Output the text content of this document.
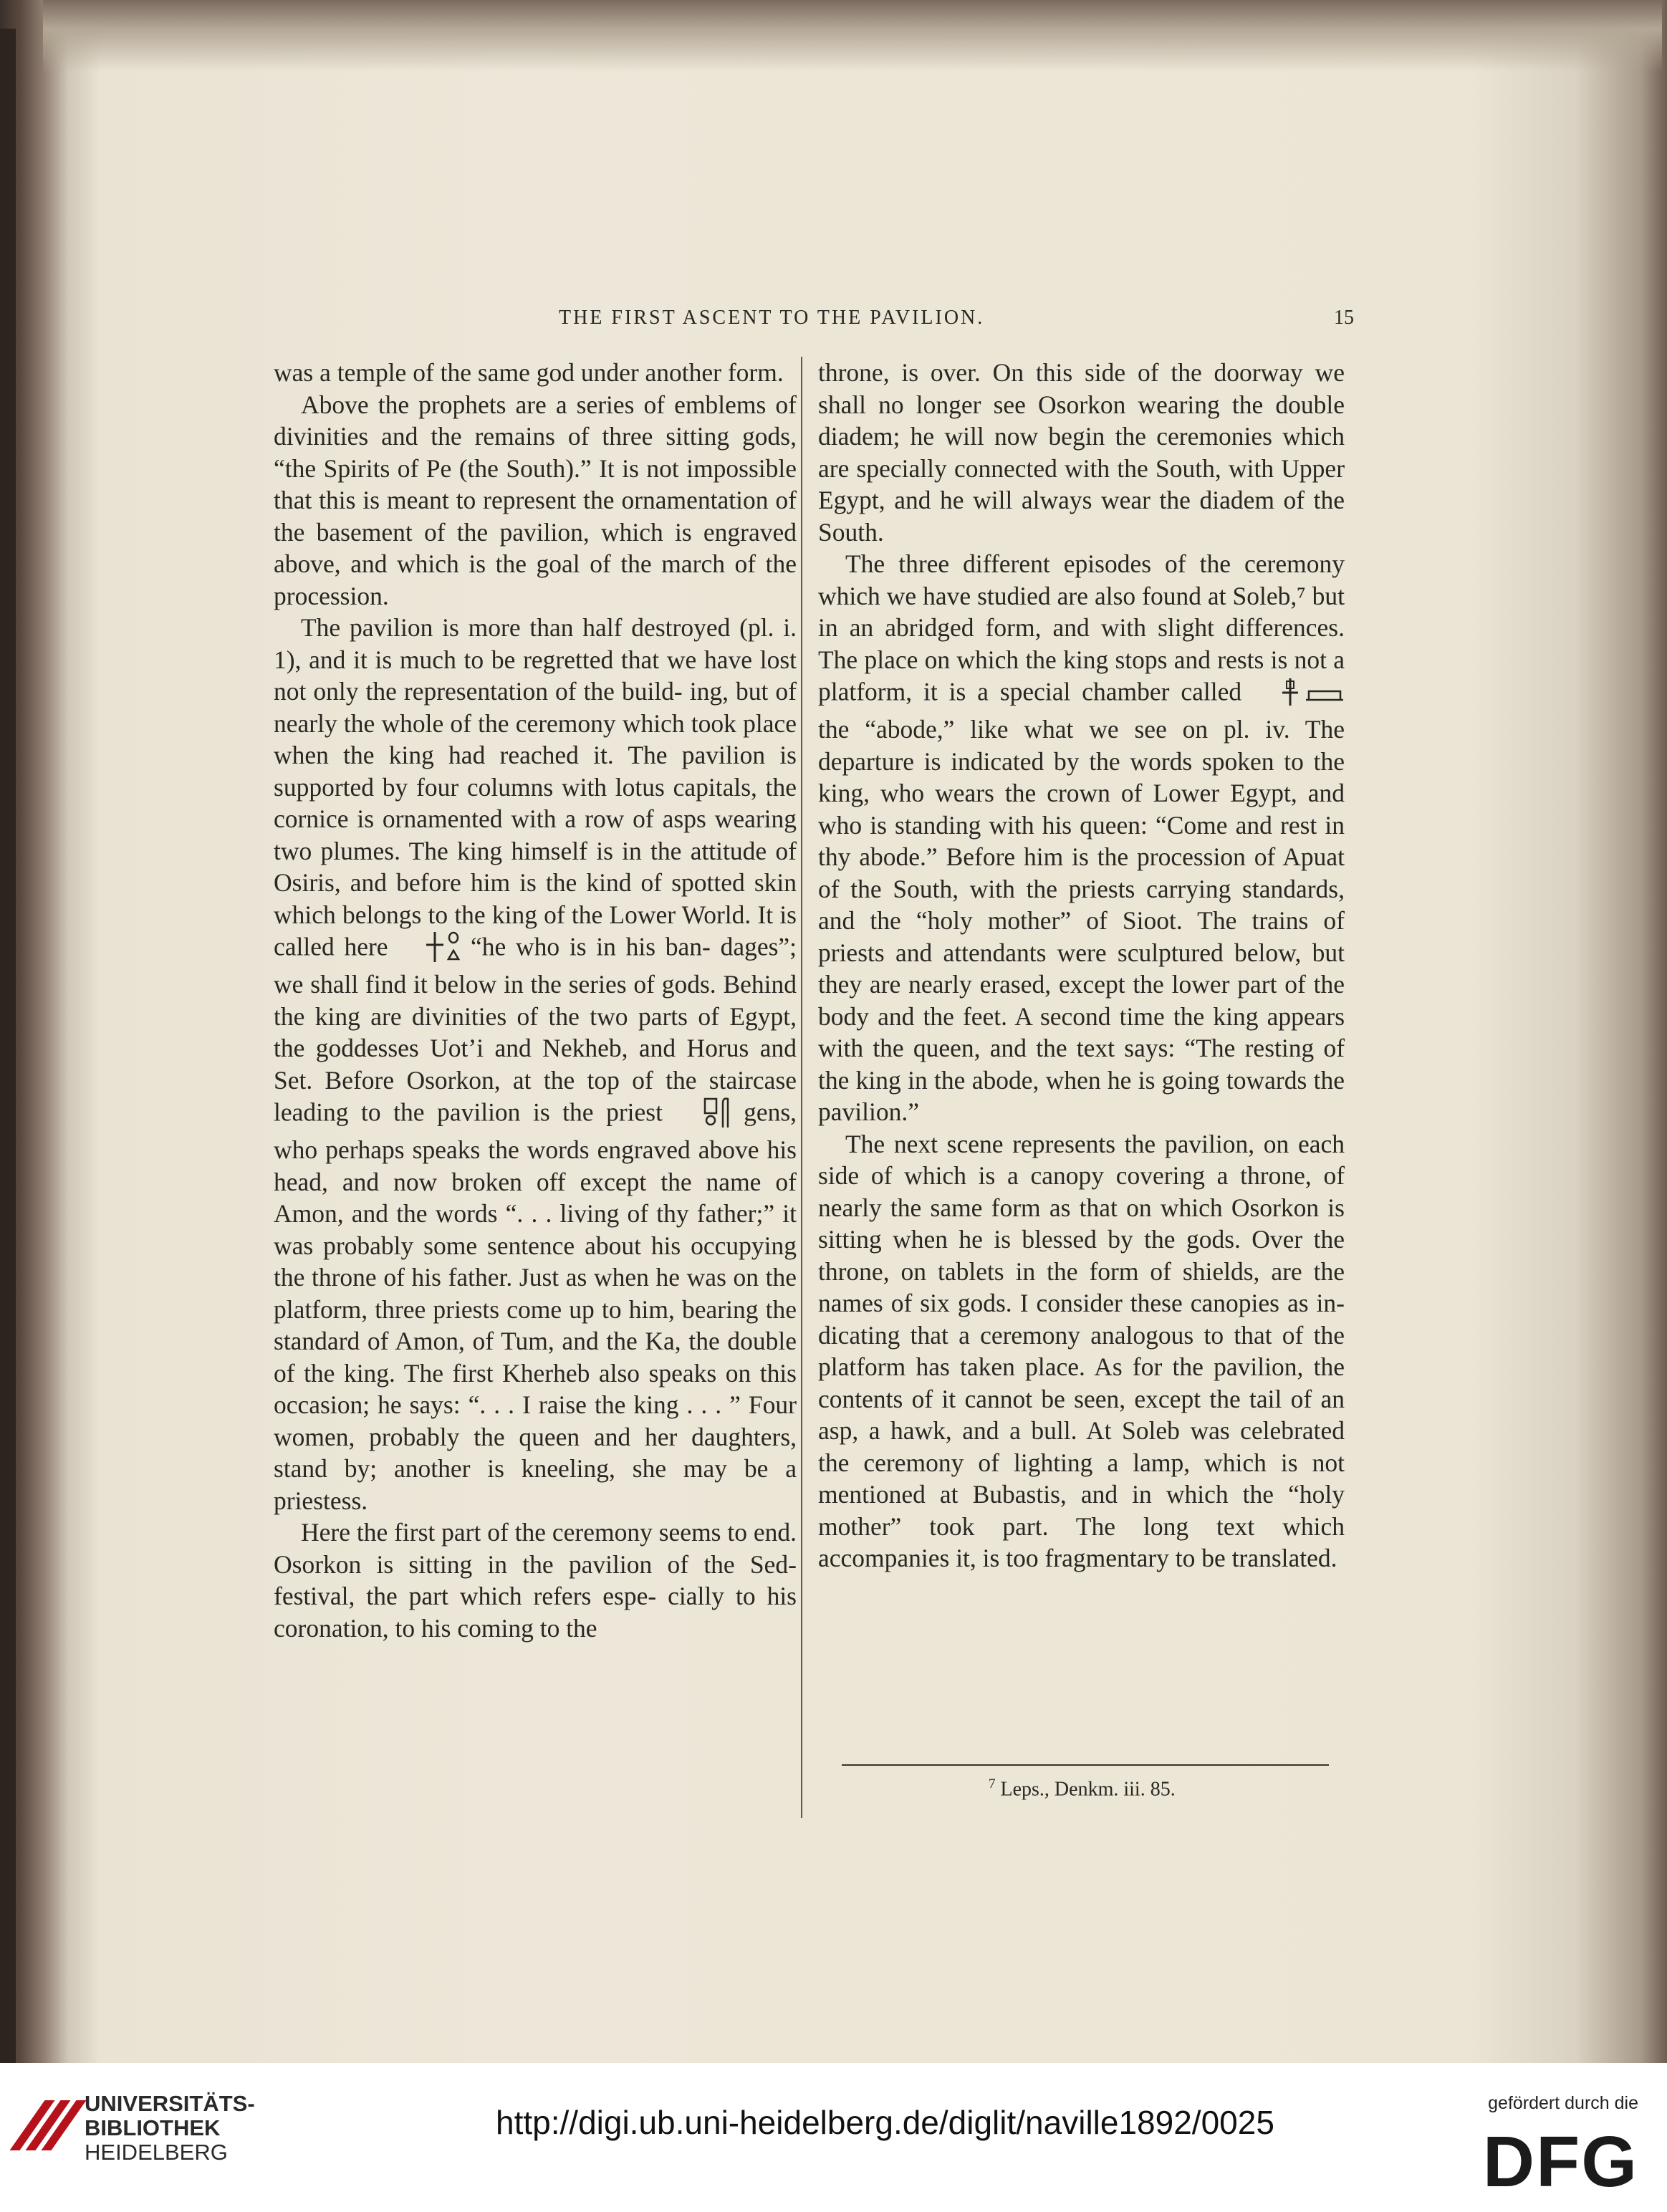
THE FIRST ASCENT TO THE PAVILION.	15

was a temple of the same god under another form.

Above the prophets are a series of emblems of divinities and the remains of three sitting gods, “the Spirits of Pe (the South).” It is not impossible that this is meant to represent the ornamentation of the basement of the pavilion, which is engraved above, and which is the goal of the march of the procession.

The pavilion is more than half destroyed (pl. i. 1), and it is much to be regretted that we have lost not only the representation of the build- ing, but of nearly the whole of the ceremony which took place when the king had reached it. The pavilion is supported by four columns with lotus capitals, the cornice is ornamented with a row of asps wearing two plumes. The king himself is in the attitude of Osiris, and before him is the kind of spotted skin which belongs to the king of the Lower World. It is called here	“he who is in his ban- dages”; we shall find it below in the series of gods. Behind the king are divinities of the two parts of Egypt, the goddesses Uot’i and Nekheb, and Horus and Set. Before Osorkon, at the top of the staircase leading to the pavilion is the priest	gens, who perhaps speaks the words engraved above his head, and now broken off except the name of Amon, and the words “. . . living of thy father;” it was probably some sentence about his occupying the throne of his father. Just as when he was on the platform, three priests come up to him, bearing the standard of Amon, of Tum, and the Ka, the double of the king. The first Kherheb also speaks on this occasion; he says: “. . . I raise the king . . . ” Four women, probably the queen and her daughters, stand by; another is kneeling, she may be a priestess.

Here the first part of the ceremony seems to end. Osorkon is sitting in the pavilion of the Sed-festival, the part which refers espe- cially to his coronation, to his coming to the

throne, is over. On this side of the doorway we shall no longer see Osorkon wearing the double diadem; he will now begin the ceremonies which are specially connected with the South, with Upper Egypt, and he will always wear the diadem of the South.

The three different episodes of the ceremony which we have studied are also found at Soleb,⁷ but in an abridged form, and with slight differences. The place on which the king stops and rests is not a platform, it is a special chamber called  the “abode,” like what we see on pl. iv. The departure is indicated by the words spoken to the king, who wears the crown of Lower Egypt, and who is standing with his queen: “Come and rest in thy abode.” Before him is the procession of Apuat of the South, with the priests carrying standards, and the “holy mother” of Sioot. The trains of priests and attendants were sculptured below, but they are nearly erased, except the lower part of the body and the feet. A second time the king appears with the queen, and the text says: “The resting of the king in the abode, when he is going towards the pavilion.”

The next scene represents the pavilion, on each side of which is a canopy covering a throne, of nearly the same form as that on which Osorkon is sitting when he is blessed by the gods. Over the throne, on tablets in the form of shields, are the names of six gods. I consider these canopies as in- dicating that a ceremony analogous to that of the platform has taken place. As for the pavilion, the contents of it cannot be seen, except the tail of an asp, a hawk, and a bull. At Soleb was celebrated the ceremony of lighting a lamp, which is not mentioned at Bubastis, and in which the “holy mother” took part. The long text which accompanies it, is too fragmentary to be translated.

$^7$ Leps., Denkm. iii. 85.
UNIVERSITÄTS-
BIBLIOTHEK
HEIDELBERG
http://digi.ub.uni-heidelberg.de/diglit/naville1892/0025
gefördert durch die
DFG
